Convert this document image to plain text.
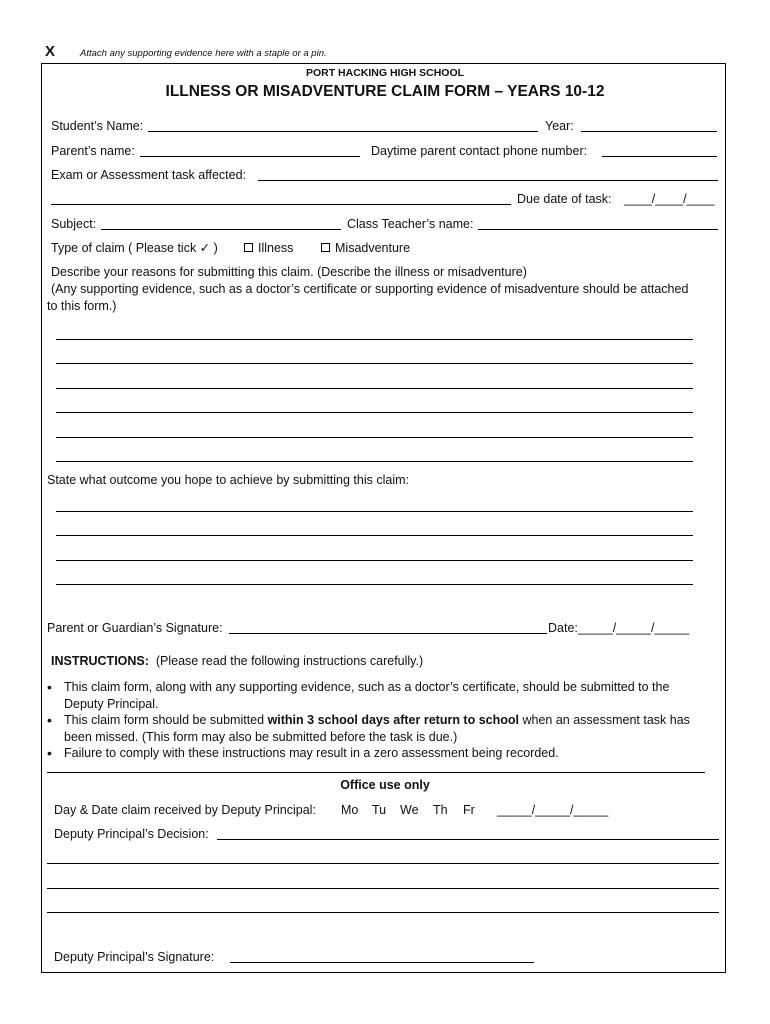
X	Attach any supporting evidence here with a staple or a pin.
PORT HACKING HIGH SCHOOL
ILLNESS OR MISADVENTURE CLAIM FORM – YEARS 10-12
Student’s Name:	Year:
Parent’s name:	Daytime parent contact phone number:
Exam or Assessment task affected:
Due date of task: ____/____/____
Subject:	Class Teacher’s name:
Type of claim ( Please tick ✓ )	Illness	Misadventure
Describe your reasons for submitting this claim. (Describe the illness or misadventure)
(Any supporting evidence, such as a doctor’s certificate or supporting evidence of misadventure should be attached
to this form.)
State what outcome you hope to achieve by submitting this claim:
Parent or Guardian’s Signature:	Date: _____/_____/_____
INSTRUCTIONS: (Please read the following instructions carefully.)
• This claim form, along with any supporting evidence, such as a doctor’s certificate, should be submitted to the Deputy Principal.
• This claim form should be submitted within 3 school days after return to school when an assessment task has been missed. (This form may also be submitted before the task is due.)
• Failure to comply with these instructions may result in a zero assessment being recorded.
Office use only
Day & Date claim received by Deputy Principal: Mo Tu We Th Fr _____/_____/_____
Deputy Principal’s Decision:
Deputy Principal’s Signature:
